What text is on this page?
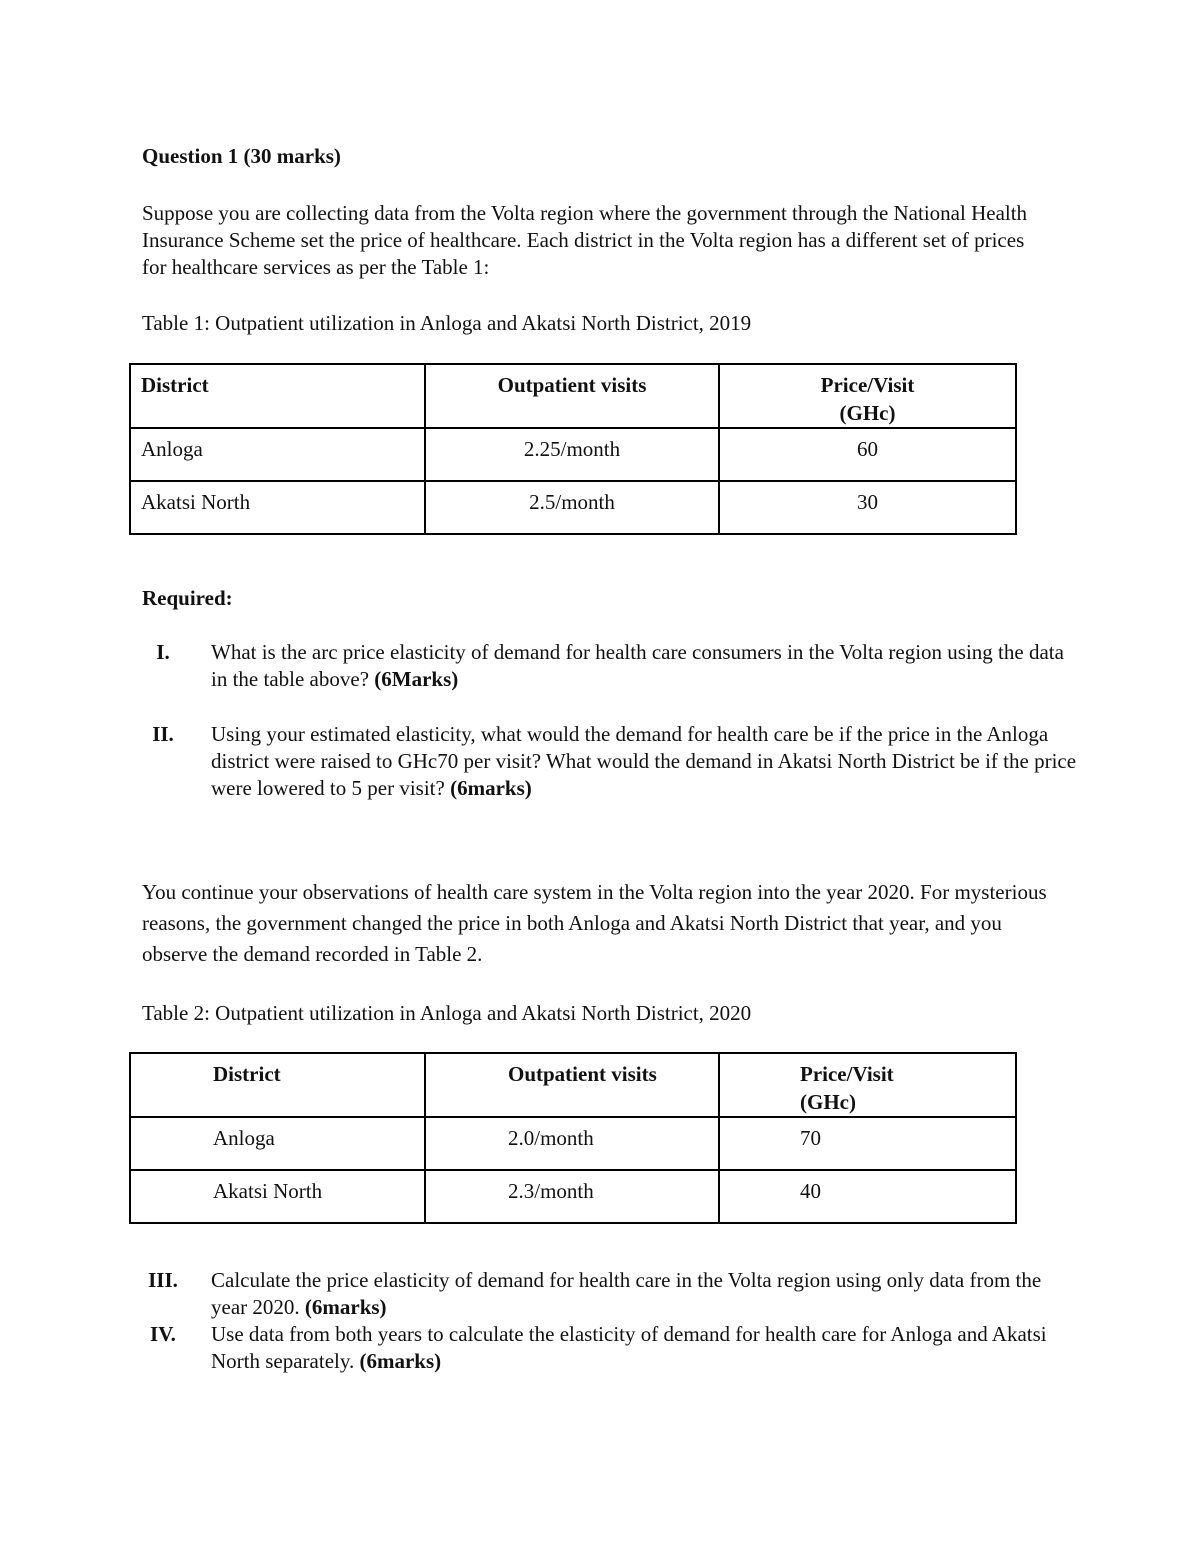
Question 1 (30 marks)

Suppose you are collecting data from the Volta region where the government through the National Health Insurance Scheme set the price of healthcare. Each district in the Volta region has a different set of prices for healthcare services as per the Table 1:

Table 1: Outpatient utilization in Anloga and Akatsi North District, 2019

District	Outpatient visits	Price/Visit
(GHc)
Anloga	2.25/month	60
Akatsi North	2.5/month	30

Required:

I.	What is the arc price elasticity of demand for health care consumers in the Volta region using the data in the table above? (6Marks)
II.	Using your estimated elasticity, what would the demand for health care be if the price in the Anloga district were raised to GHc70 per visit? What would the demand in Akatsi North District be if the price were lowered to 5 per visit? (6marks)

You continue your observations of health care system in the Volta region into the year 2020. For mysterious reasons, the government changed the price in both Anloga and Akatsi North District that year, and you observe the demand recorded in Table 2.

Table 2: Outpatient utilization in Anloga and Akatsi North District, 2020

District	Outpatient visits	Price/Visit
(GHc)
Anloga	2.0/month	70
Akatsi North	2.3/month	40
III.	Calculate the price elasticity of demand for health care in the Volta region using only data from the year 2020. (6marks)
IV.	Use data from both years to calculate the elasticity of demand for health care for Anloga and Akatsi North separately. (6marks)
